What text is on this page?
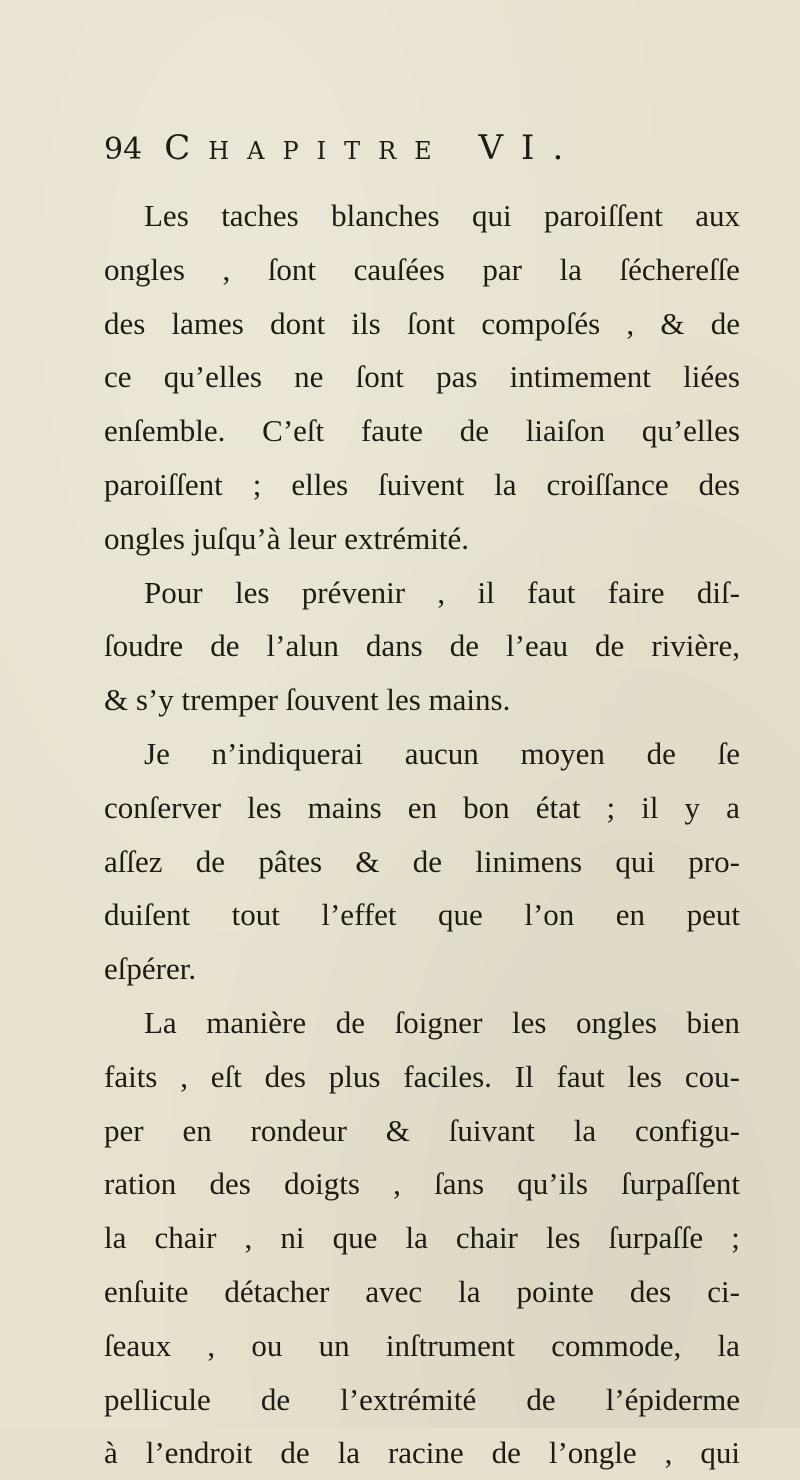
94 Chapitre VI.
Les taches blanches qui paroiſſent aux
ongles , ſont cauſées par la ſéchereſſe
des lames dont ils ſont compoſés , & de
ce qu’elles ne ſont pas intimement liées
enſemble. C’eſt faute de liaiſon qu’elles
paroiſſent ; elles ſuivent la croiſſance des
ongles juſqu’à leur extrémité.
Pour les prévenir , il faut faire diſ-
ſoudre de l’alun dans de l’eau de rivière,
& s’y tremper ſouvent les mains.
Je n’indiquerai aucun moyen de ſe
conſerver les mains en bon état ; il y a
aſſez de pâtes & de linimens qui pro-
duiſent tout l’effet que l’on en peut
eſpérer.
La manière de ſoigner les ongles bien
faits , eſt des plus faciles. Il faut les cou-
per en rondeur & ſuivant la configu-
ration des doigts , ſans qu’ils ſurpaſſent
la chair , ni que la chair les ſurpaſſe ;
enſuite détacher avec la pointe des ci-
ſeaux , ou un inſtrument commode, la
pellicule de l’extrémité de l’épiderme
à l’endroit de la racine de l’ongle , qui
